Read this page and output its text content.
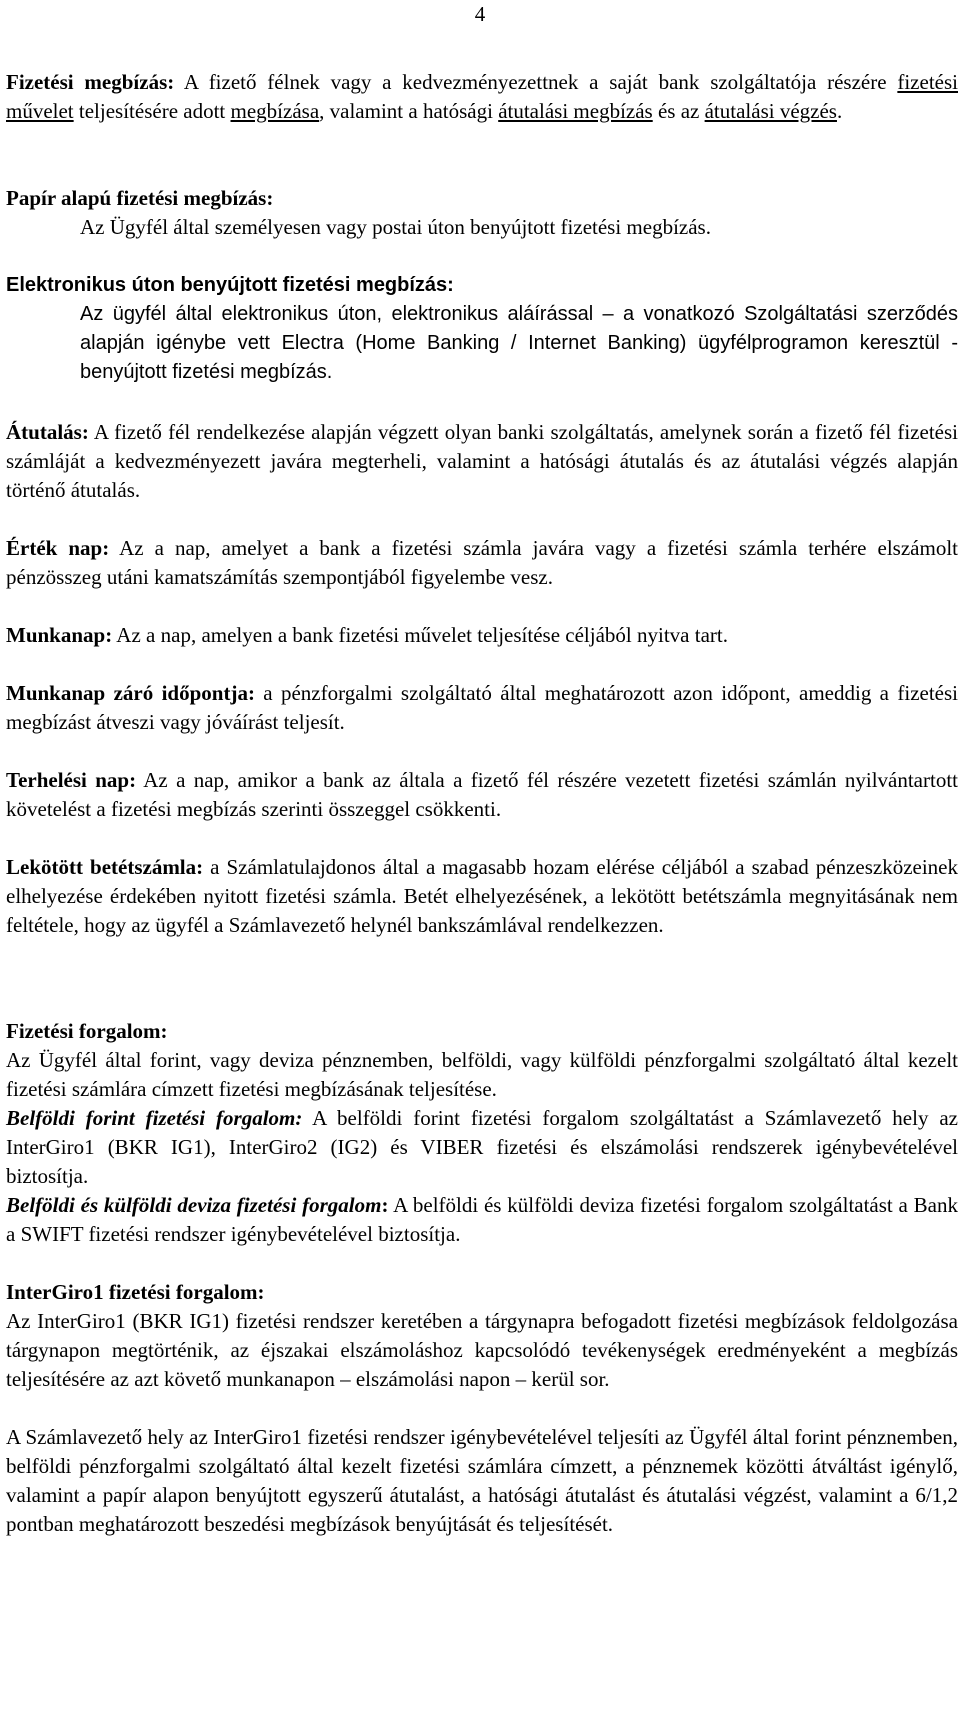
4

Fizetési megbízás: A fizető félnek vagy a kedvezményezettnek a saját bank szolgáltatója részére fizetési művelet teljesítésére adott megbízása, valamint a hatósági átutalási megbízás és az átutalási végzés.

Papír alapú fizetési megbízás:

Az Ügyfél által személyesen vagy postai úton benyújtott fizetési megbízás.

Elektronikus úton benyújtott fizetési megbízás:

Az ügyfél által elektronikus úton, elektronikus aláírással – a vonatkozó Szolgáltatási szerződés alapján igénybe vett Electra (Home Banking / Internet Banking) ügyfélprogramon keresztül - benyújtott fizetési megbízás.

Átutalás: A fizető fél rendelkezése alapján végzett olyan banki szolgáltatás, amelynek során a fizető fél fizetési számláját a kedvezményezett javára megterheli, valamint a hatósági átutalás és az átutalási végzés alapján történő átutalás.

Érték nap: Az a nap, amelyet a bank a fizetési számla javára vagy a fizetési számla terhére elszámolt pénzösszeg utáni kamatszámítás szempontjából figyelembe vesz.

Munkanap: Az a nap, amelyen a bank fizetési művelet teljesítése céljából nyitva tart.

Munkanap záró időpontja: a pénzforgalmi szolgáltató által meghatározott azon időpont, ameddig a fizetési megbízást átveszi vagy jóváírást teljesít.

Terhelési nap: Az a nap, amikor a bank az általa a fizető fél részére vezetett fizetési számlán nyilvántartott követelést a fizetési megbízás szerinti összeggel csökkenti.

Lekötött betétszámla: a Számlatulajdonos által a magasabb hozam elérése céljából a szabad pénzeszközeinek elhelyezése érdekében nyitott fizetési számla. Betét elhelyezésének, a lekötött betétszámla megnyitásának nem feltétele, hogy az ügyfél a Számlavezető helynél bankszámlával rendelkezzen.

Fizetési forgalom:

Az Ügyfél által forint, vagy deviza pénznemben, belföldi, vagy külföldi pénzforgalmi szolgáltató által kezelt fizetési számlára címzett fizetési megbízásának teljesítése.

Belföldi forint fizetési forgalom: A belföldi forint fizetési forgalom szolgáltatást a Számlavezető hely az InterGiro1 (BKR IG1), InterGiro2 (IG2) és VIBER fizetési és elszámolási rendszerek igénybevételével biztosítja.

Belföldi és külföldi deviza fizetési forgalom: A belföldi és külföldi deviza fizetési forgalom szolgáltatást a Bank a SWIFT fizetési rendszer igénybevételével biztosítja.

InterGiro1 fizetési forgalom:

Az InterGiro1 (BKR IG1) fizetési rendszer keretében a tárgynapra befogadott fizetési megbízások feldolgozása tárgynapon megtörténik, az éjszakai elszámoláshoz kapcsolódó tevékenységek eredményeként a megbízás teljesítésére az azt követő munkanapon – elszámolási napon – kerül sor.

A Számlavezető hely az InterGiro1 fizetési rendszer igénybevételével teljesíti az Ügyfél által forint pénznemben, belföldi pénzforgalmi szolgáltató által kezelt fizetési számlára címzett, a pénznemek közötti átváltást igénylő, valamint a papír alapon benyújtott egyszerű átutalást, a hatósági átutalást és átutalási végzést, valamint a 6/1,2 pontban meghatározott beszedési megbízások benyújtását és teljesítését.
